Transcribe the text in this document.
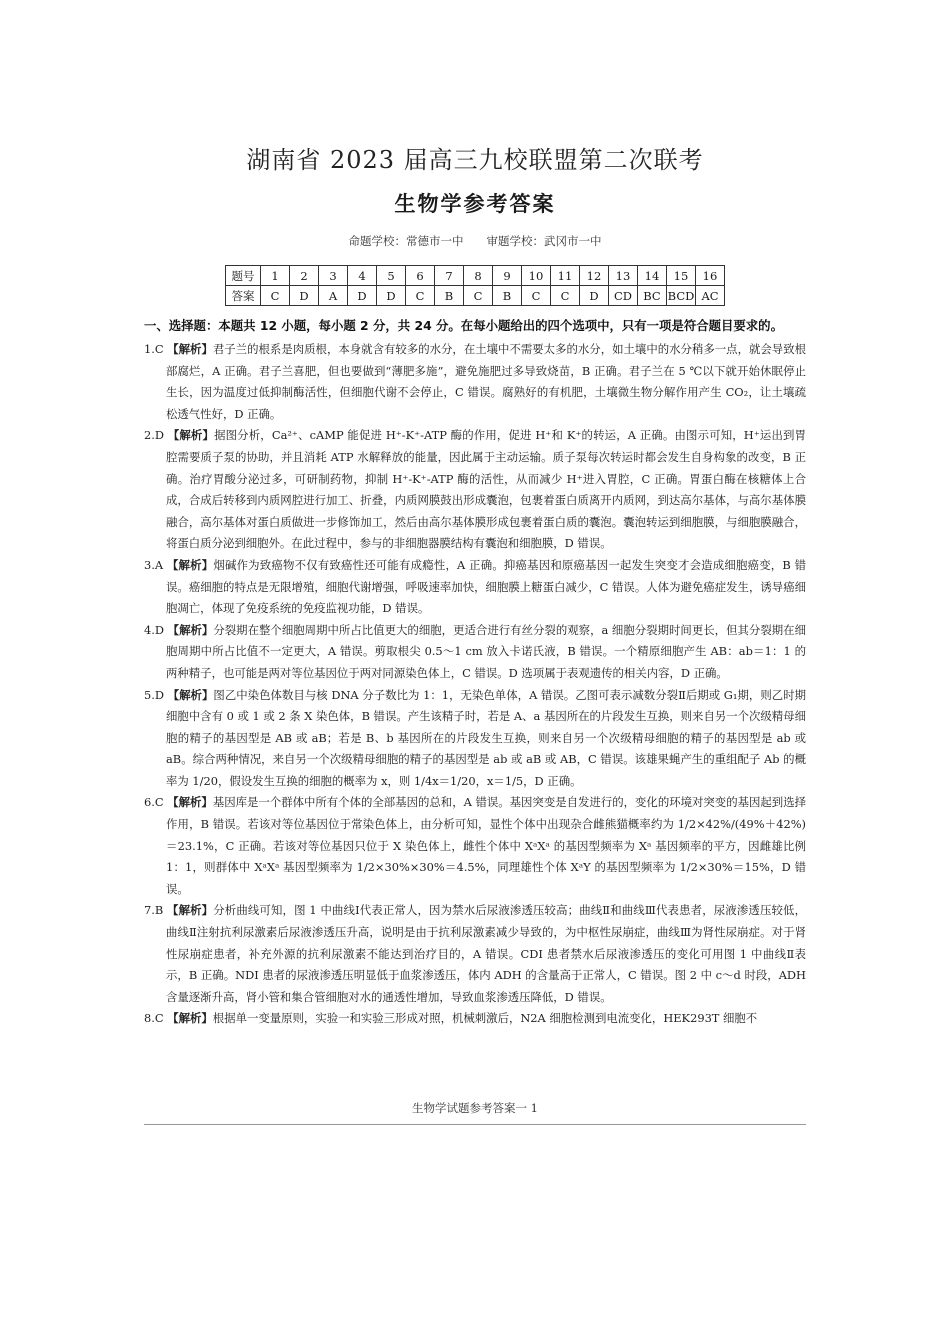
湖南省 2023 届高三九校联盟第二次联考
生物学参考答案
命题学校：常德市一中　　审题学校：武冈市一中
题号	1	2	3	4	5	6	7	8	9	10	11	12	13	14	15	16
答案	C	D	A	D	D	C	B	C	B	C	C	D	CD	BC	BCD	AC
一、选择题：本题共 12 小题，每小题 2 分，共 24 分。在每小题给出的四个选项中，只有一项是符合题目要求的。

1.C 【解析】君子兰的根系是肉质根，本身就含有较多的水分，在土壤中不需要太多的水分，如土壤中的水分稍多一点，就会导致根部腐烂，A 正确。君子兰喜肥，但也要做到“薄肥多施”，避免施肥过多导致烧苗，B 正确。君子兰在 5 ℃以下就开始休眠停止生长，因为温度过低抑制酶活性，但细胞代谢不会停止，C 错误。腐熟好的有机肥，土壤微生物分解作用产生 CO₂，让土壤疏松透气性好，D 正确。

2.D 【解析】据图分析，Ca²⁺、cAMP 能促进 H⁺-K⁺-ATP 酶的作用，促进 H⁺和 K⁺的转运，A 正确。由图示可知，H⁺运出到胃腔需要质子泵的协助，并且消耗 ATP 水解释放的能量，因此属于主动运输。质子泵每次转运时都会发生自身构象的改变，B 正确。治疗胃酸分泌过多，可研制药物，抑制 H⁺-K⁺-ATP 酶的活性，从而减少 H⁺进入胃腔，C 正确。胃蛋白酶在核糖体上合成，合成后转移到内质网腔进行加工、折叠，内质网膜鼓出形成囊泡，包裹着蛋白质离开内质网，到达高尔基体，与高尔基体膜融合，高尔基体对蛋白质做进一步修饰加工，然后由高尔基体膜形成包裹着蛋白质的囊泡。囊泡转运到细胞膜，与细胞膜融合，将蛋白质分泌到细胞外。在此过程中，参与的非细胞器膜结构有囊泡和细胞膜，D 错误。

3.A 【解析】烟碱作为致癌物不仅有致癌性还可能有成瘾性，A 正确。抑癌基因和原癌基因一起发生突变才会造成细胞癌变，B 错误。癌细胞的特点是无限增殖，细胞代谢增强，呼吸速率加快，细胞膜上糖蛋白减少，C 错误。人体为避免癌症发生，诱导癌细胞凋亡，体现了免疫系统的免疫监视功能，D 错误。

4.D 【解析】分裂期在整个细胞周期中所占比值更大的细胞，更适合进行有丝分裂的观察，a 细胞分裂期时间更长，但其分裂期在细胞周期中所占比值不一定更大，A 错误。剪取根尖 0.5～1 cm 放入卡诺氏液，B 错误。一个精原细胞产生 AB：ab＝1：1 的两种精子，也可能是两对等位基因位于两对同源染色体上，C 错误。D 选项属于表观遗传的相关内容，D 正确。

5.D 【解析】图乙中染色体数目与核 DNA 分子数比为 1：1，无染色单体，A 错误。乙图可表示减数分裂Ⅱ后期或 G₁期，则乙时期细胞中含有 0 或 1 或 2 条 X 染色体，B 错误。产生该精子时，若是 A、a 基因所在的片段发生互换，则来自另一个次级精母细胞的精子的基因型是 AB 或 aB；若是 B、b 基因所在的片段发生互换，则来自另一个次级精母细胞的精子的基因型是 ab 或 aB。综合两种情况，来自另一个次级精母细胞的精子的基因型是 ab 或 aB 或 AB，C 错误。该雄果蝇产生的重组配子 Ab 的概率为 1/20，假设发生互换的细胞的概率为 x，则 1/4x＝1/20，x＝1/5，D 正确。

6.C 【解析】基因库是一个群体中所有个体的全部基因的总和，A 错误。基因突变是自发进行的，变化的环境对突变的基因起到选择作用，B 错误。若该对等位基因位于常染色体上，由分析可知，显性个体中出现杂合雌熊猫概率约为 1/2×42%/(49%＋42%)＝23.1%，C 正确。若该对等位基因只位于 X 染色体上，雌性个体中 XᵃXᵃ 的基因型频率为 Xᵃ 基因频率的平方，因雌雄比例 1：1，则群体中 XᵃXᵃ 基因型频率为 1/2×30%×30%＝4.5%，同理雄性个体 XᵃY 的基因型频率为 1/2×30%＝15%，D 错误。

7.B 【解析】分析曲线可知，图 1 中曲线Ⅰ代表正常人，因为禁水后尿液渗透压较高；曲线Ⅱ和曲线Ⅲ代表患者，尿液渗透压较低，曲线Ⅱ注射抗利尿激素后尿液渗透压升高，说明是由于抗利尿激素减少导致的，为中枢性尿崩症，曲线Ⅲ为肾性尿崩症。对于肾性尿崩症患者，补充外源的抗利尿激素不能达到治疗目的，A 错误。CDI 患者禁水后尿液渗透压的变化可用图 1 中曲线Ⅱ表示，B 正确。NDI 患者的尿液渗透压明显低于血浆渗透压，体内 ADH 的含量高于正常人，C 错误。图 2 中 c～d 时段，ADH 含量逐渐升高，肾小管和集合管细胞对水的通透性增加，导致血浆渗透压降低，D 错误。

8.C 【解析】根据单一变量原则，实验一和实验三形成对照，机械刺激后，N2A 细胞检测到电流变化，HEK293T 细胞不

生物学试题参考答案一 1
